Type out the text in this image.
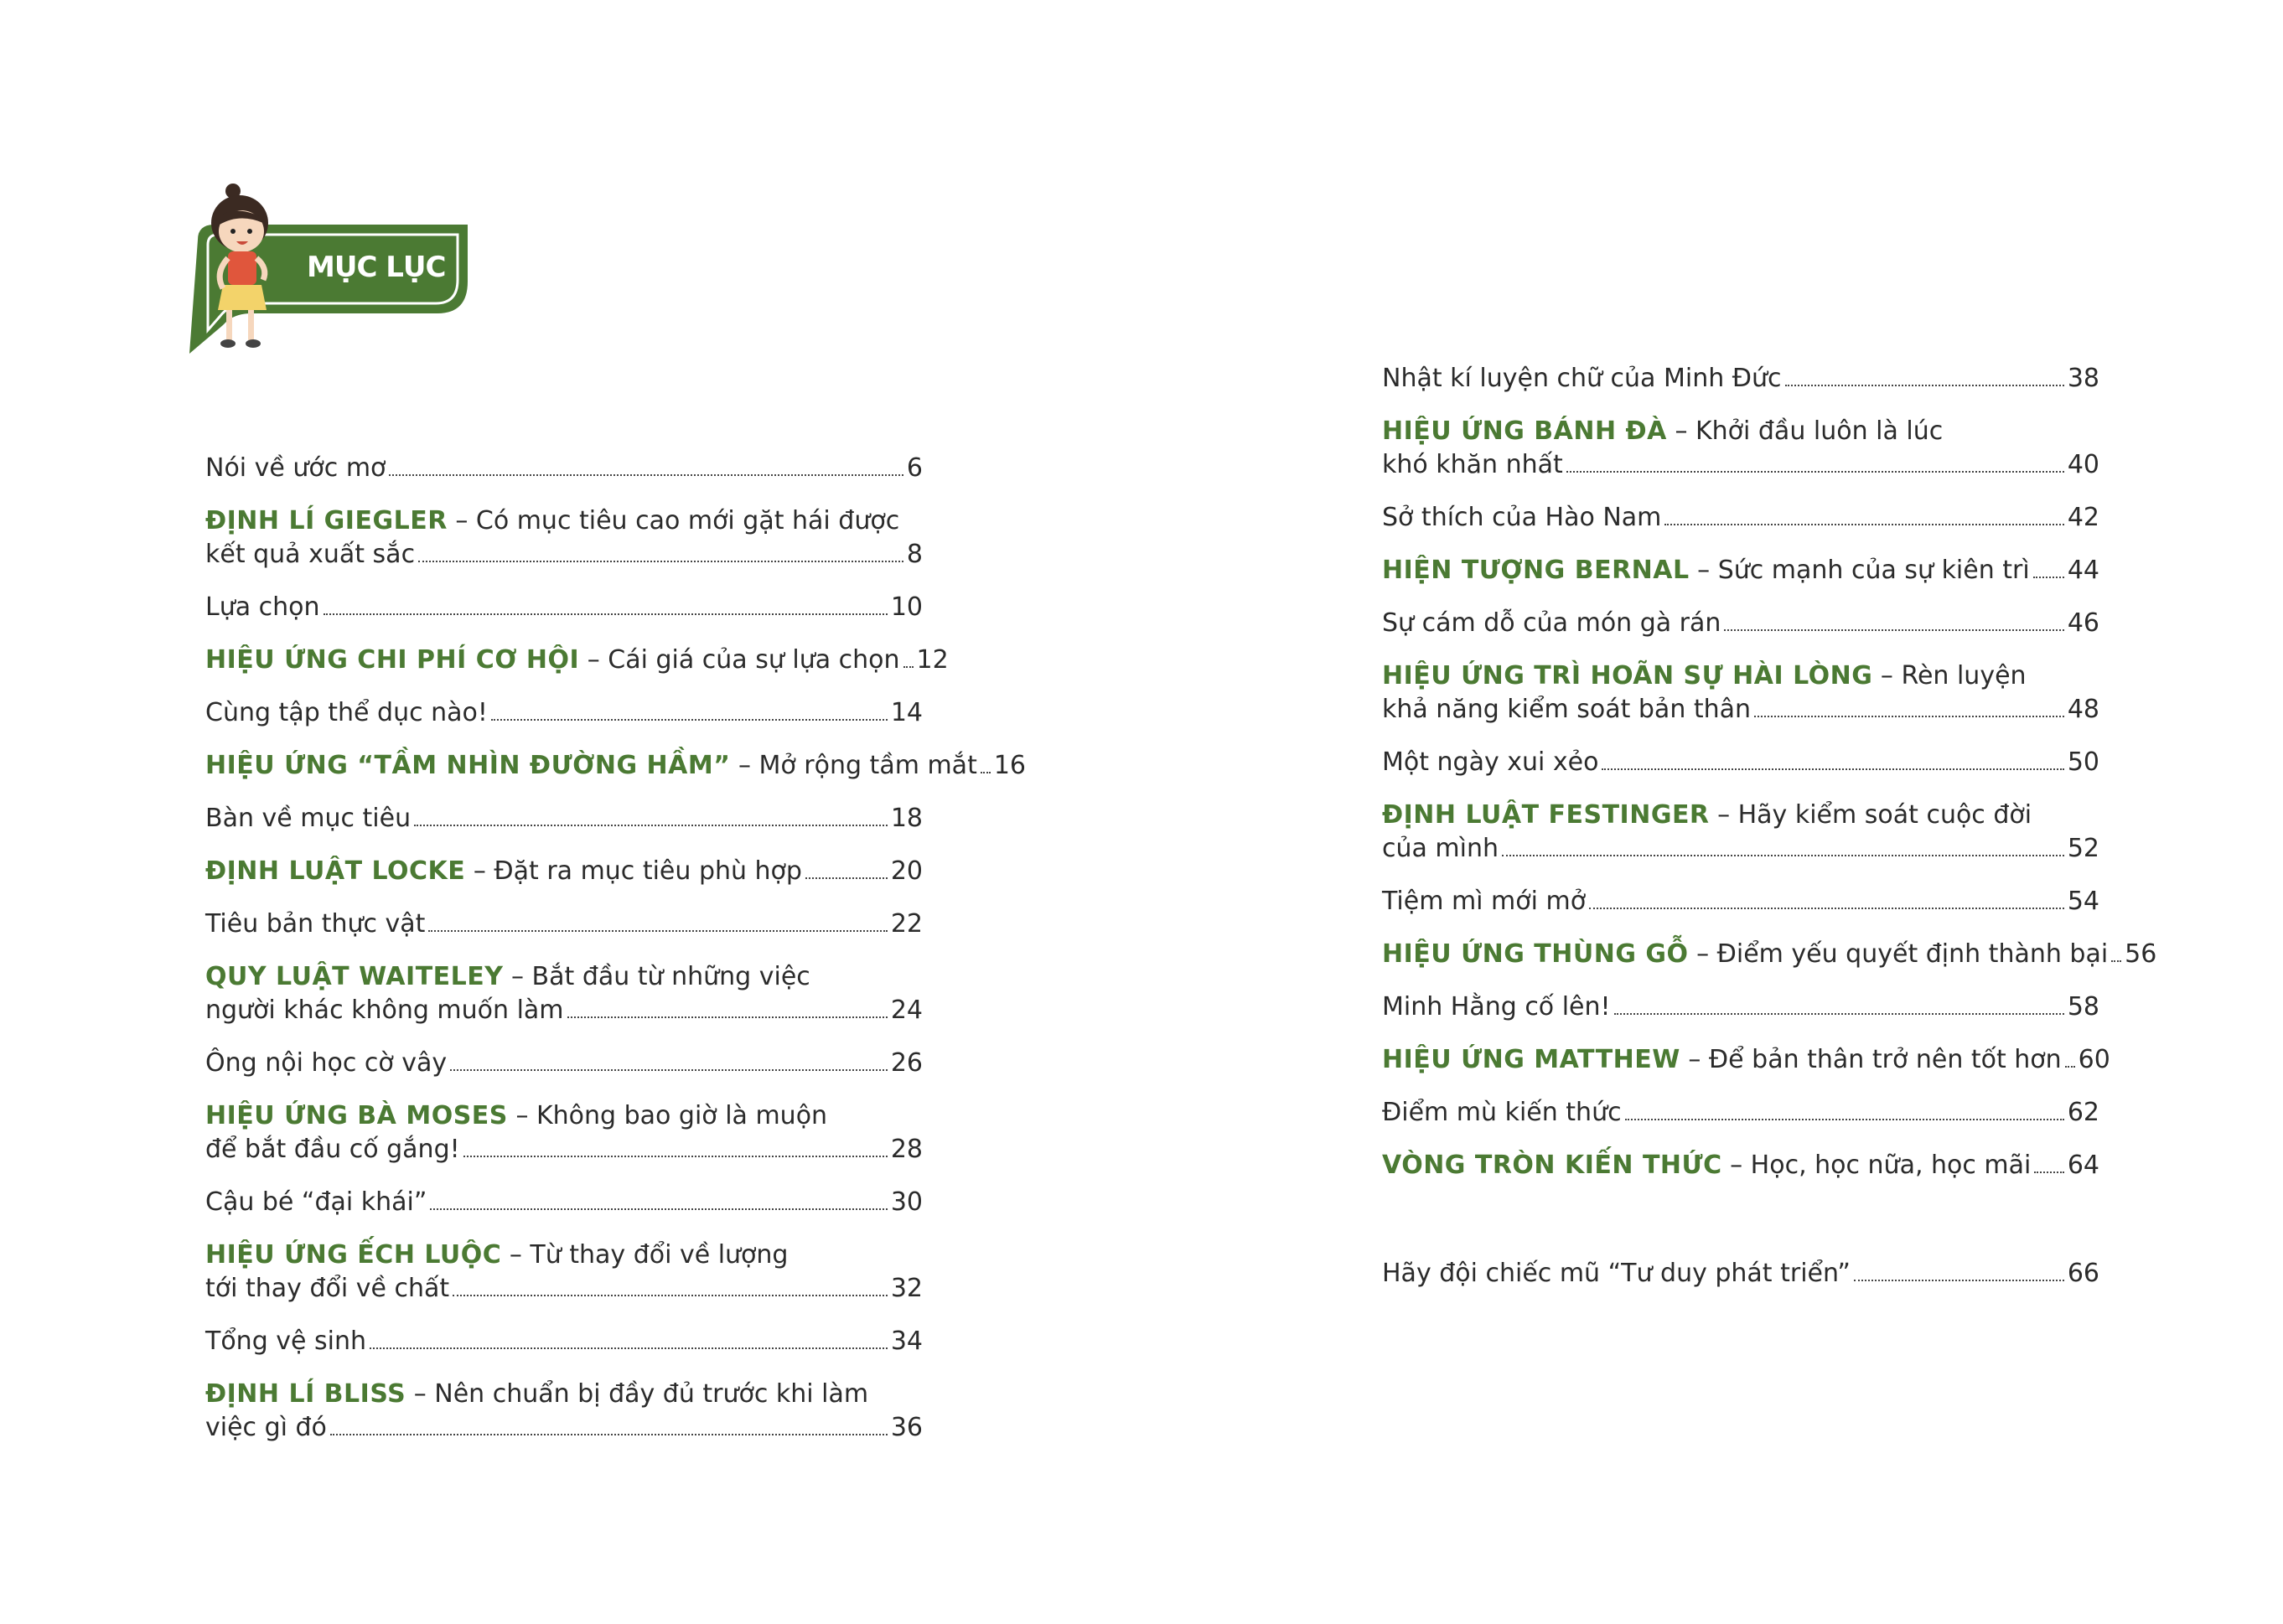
MỤC LỤC
Nói về ước mơ	6
ĐỊNH LÍ GIEGLER – Có mục tiêu cao mới gặt hái được
kết quả xuất sắc	8
Lựa chọn	10
HIỆU ỨNG CHI PHÍ CƠ HỘI – Cái giá của sự lựa chọn 12
Cùng tập thể dục nào!	14
HIỆU ỨNG “TẦM NHÌN ĐƯỜNG HẦM” – Mở rộng tầm mắt 16
Bàn về mục tiêu	18
ĐỊNH LUẬT LOCKE – Đặt ra mục tiêu phù hợp	20
Tiêu bản thực vật	22
QUY LUẬT WAITELEY – Bắt đầu từ những việc
người khác không muốn làm	24
Ông nội học cờ vây	26
HIỆU ỨNG BÀ MOSES – Không bao giờ là muộn
để bắt đầu cố gắng!	28
Cậu bé “đại khái”	30
HIỆU ỨNG ẾCH LUỘC – Từ thay đổi về lượng
tới thay đổi về chất	32
Tổng vệ sinh	34
ĐỊNH LÍ BLISS – Nên chuẩn bị đầy đủ trước khi làm
việc gì đó	36
Nhật kí luyện chữ của Minh Đức	38
HIỆU ỨNG BÁNH ĐÀ – Khởi đầu luôn là lúc
khó khăn nhất	40
Sở thích của Hào Nam	42
HIỆN TƯỢNG BERNAL – Sức mạnh của sự kiên trì 44
Sự cám dỗ của món gà rán	46
HIỆU ỨNG TRÌ HOÃN SỰ HÀI LÒNG – Rèn luyện
khả năng kiểm soát bản thân	48
Một ngày xui xẻo	50
ĐỊNH LUẬT FESTINGER – Hãy kiểm soát cuộc đời
của mình	52
Tiệm mì mới mở	54
HIỆU ỨNG THÙNG GỖ – Điểm yếu quyết định thành bại 56
Minh Hằng cố lên!	58
HIỆU ỨNG MATTHEW – Để bản thân trở nên tốt hơn 60
Điểm mù kiến thức	62
VÒNG TRÒN KIẾN THỨC – Học, học nữa, học mãi 64
Hãy đội chiếc mũ “Tư duy phát triển”	66
